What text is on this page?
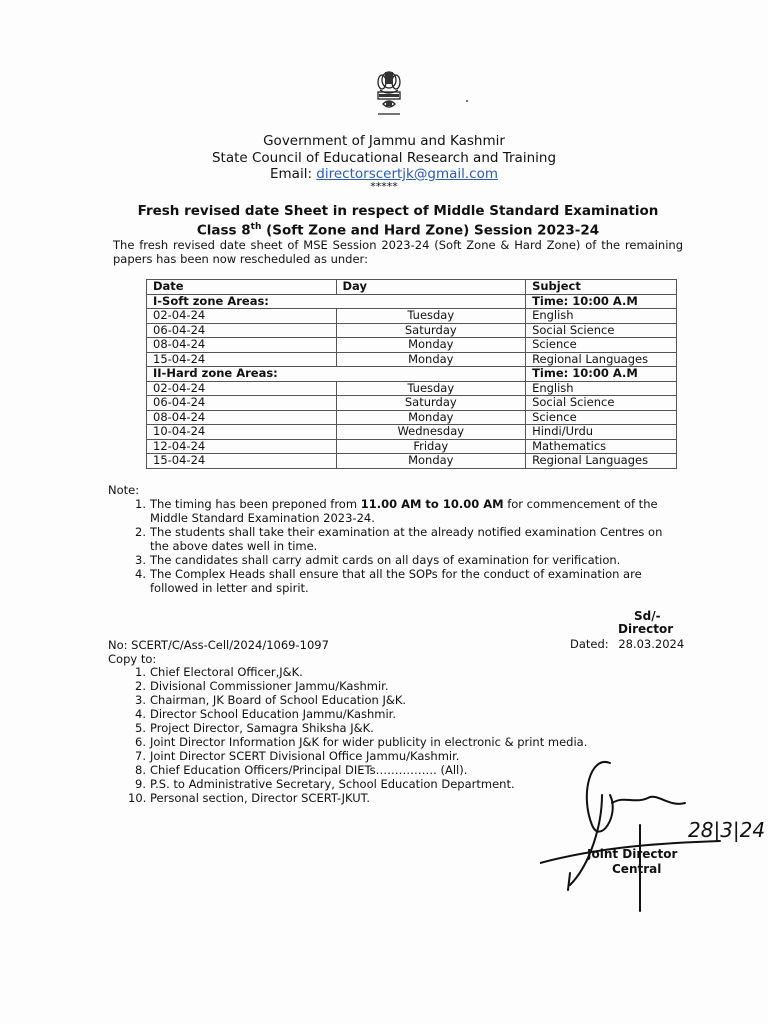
Government of Jammu and Kashmir
State Council of Educational Research and Training
Email: directorscertjk@gmail.com
*****
Fresh revised date Sheet in respect of Middle Standard Examination
Class 8th (Soft Zone and Hard Zone) Session 2023-24
The fresh revised date sheet of MSE Session 2023-24 (Soft Zone & Hard Zone) of the remaining papers has been now rescheduled as under:
Date	Day	Subject
I-Soft zone Areas:		Time: 10:00 A.M
02-04-24	Tuesday	English
06-04-24	Saturday	Social Science
08-04-24	Monday	Science
15-04-24	Monday	Regional Languages
II-Hard zone Areas:		Time: 10:00 A.M
02-04-24	Tuesday	English
06-04-24	Saturday	Social Science
08-04-24	Monday	Science
10-04-24	Wednesday	Hindi/Urdu
12-04-24	Friday	Mathematics
15-04-24	Monday	Regional Languages
Note:
1. The timing has been preponed from 11.00 AM to 10.00 AM for commencement of the Middle Standard Examination 2023-24.
2. The students shall take their examination at the already notified examination Centres on the above dates well in time.
3. The candidates shall carry admit cards on all days of examination for verification.
4. The Complex Heads shall ensure that all the SOPs for the conduct of examination are followed in letter and spirit.
Sd/-
Director
No: SCERT/C/Ass-Cell/2024/1069-1097	Dated: 28.03.2024
Copy to:
1. Chief Electoral Officer,J&K.
2. Divisional Commissioner Jammu/Kashmir.
3. Chairman, JK Board of School Education J&K.
4. Director School Education Jammu/Kashmir.
5. Project Director, Samagra Shiksha J&K.
6. Joint Director Information J&K for wider publicity in electronic & print media.
7. Joint Director SCERT Divisional Office Jammu/Kashmir.
8. Chief Education Officers/Principal DIETs……………. (All).
9. P.S. to Administrative Secretary, School Education Department.
10. Personal section, Director SCERT-JKUT.
28|3|24
Joint Director
Central
